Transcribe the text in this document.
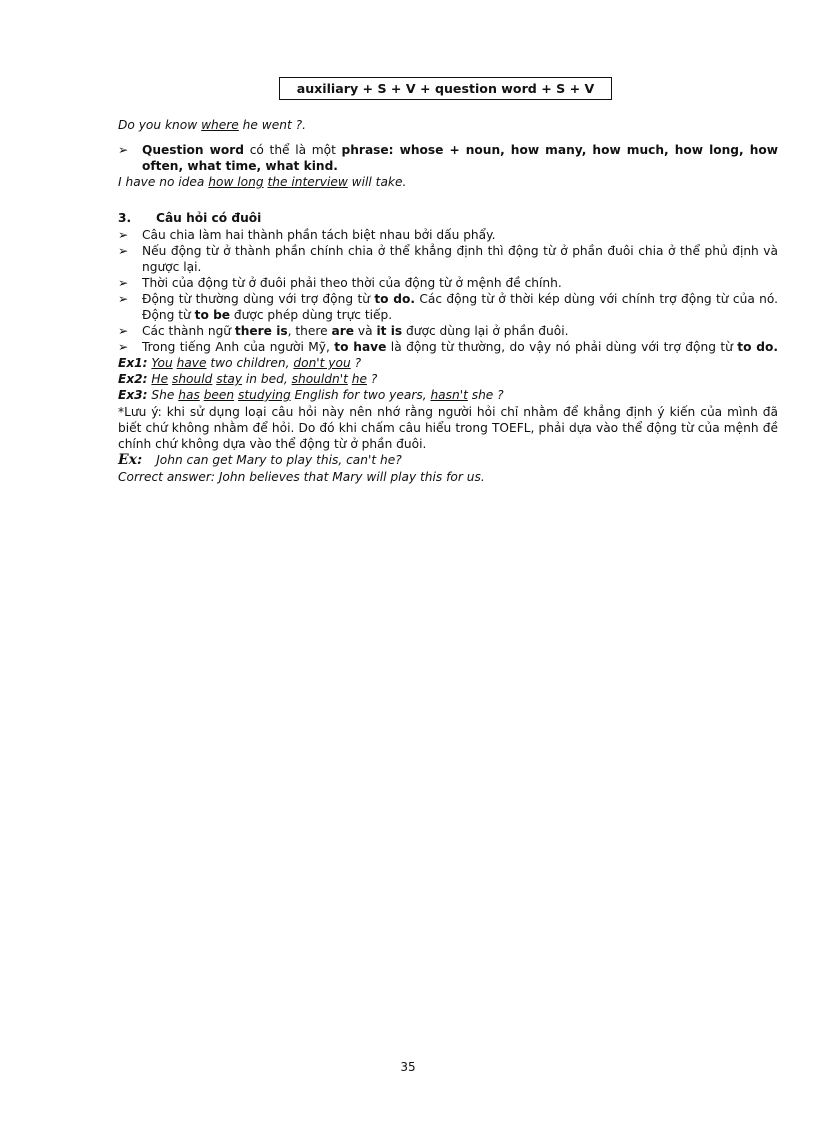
auxiliary + S + V + question word + S + V
Do you know where he went ?.
➢ Question word có thể là một phrase: whose + noun, how many, how much, how long, how
often, what time, what kind.
I have no idea how long the interview will take.
3. Câu hỏi có đuôi
➢ Câu chia làm hai thành phần tách biệt nhau bởi dấu phẩy.
➢ Nếu động từ ở thành phần chính chia ở thể khẳng định thì động từ ở phần đuôi chia ở thể phủ định và
ngược lại.
➢ Thời của động từ ở đuôi phải theo thời của động từ ở mệnh đề chính.
➢ Động từ thường dùng với trợ động từ to do. Các động từ ở thời kép dùng với chính trợ động từ của nó.
Động từ to be được phép dùng trực tiếp.
➢ Các thành ngữ there is, there are và it is được dùng lại ở phần đuôi.
➢ Trong tiếng Anh của người Mỹ, to have là động từ thường, do vậy nó phải dùng với trợ động từ to do.
Ex1: You have two children, don't you ?
Ex2: He should stay in bed, shouldn't he ?
Ex3: She has been studying English for two years, hasn't she ?
*Lưu ý: khi sử dụng loại câu hỏi này nên nhớ rằng người hỏi chỉ nhằm để khẳng định ý kiến của mình đã biết chứ không nhằm để hỏi. Do đó khi chấm câu hiểu trong TOEFL, phải dựa vào thể động từ của mệnh đề chính chứ không dựa vào thể động từ ở phần đuôi.
Ex: John can get Mary to play this, can't he?
Correct answer: John believes that Mary will play this for us.
35
